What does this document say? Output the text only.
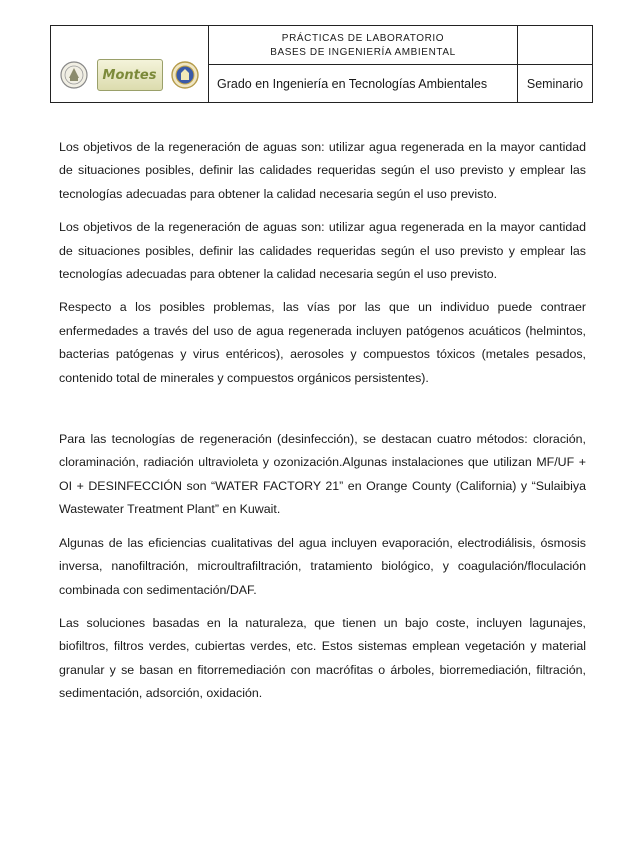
Montes
PRÁCTICAS DE LABORATORIO
BASES DE INGENIERÍA AMBIENTAL
Grado en Ingeniería en Tecnologías Ambientales	Seminario

Los objetivos de la regeneración de aguas son: utilizar agua regenerada en la mayor cantidad de situaciones posibles, definir las calidades requeridas según el uso previsto y emplear las tecnologías adecuadas para obtener la calidad necesaria según el uso previsto.

Los objetivos de la regeneración de aguas son: utilizar agua regenerada en la mayor cantidad de situaciones posibles, definir las calidades requeridas según el uso previsto y emplear las tecnologías adecuadas para obtener la calidad necesaria según el uso previsto.

Respecto a los posibles problemas, las vías por las que un individuo puede contraer enfermedades a través del uso de agua regenerada incluyen patógenos acuáticos (helmintos, bacterias patógenas y virus entéricos), aerosoles y compuestos tóxicos (metales pesados, contenido total de minerales y compuestos orgánicos persistentes).

Para las tecnologías de regeneración (desinfección), se destacan cuatro métodos: cloración, cloraminación, radiación ultravioleta y ozonización.Algunas instalaciones que utilizan MF/UF + OI + DESINFECCIÓN son “WATER FACTORY 21” en Orange County (California) y “Sulaibiya Wastewater Treatment Plant” en Kuwait.

Algunas de las eficiencias cualitativas del agua incluyen evaporación, electrodiálisis, ósmosis inversa, nanofiltración, microultrafiltración, tratamiento biológico, y coagulación/floculación combinada con sedimentación/DAF.

Las soluciones basadas en la naturaleza, que tienen un bajo coste, incluyen lagunajes, biofiltros, filtros verdes, cubiertas verdes, etc. Estos sistemas emplean vegetación y material granular y se basan en fitorremediación con macrófitas o árboles, biorremediación, filtración, sedimentación, adsorción, oxidación.
